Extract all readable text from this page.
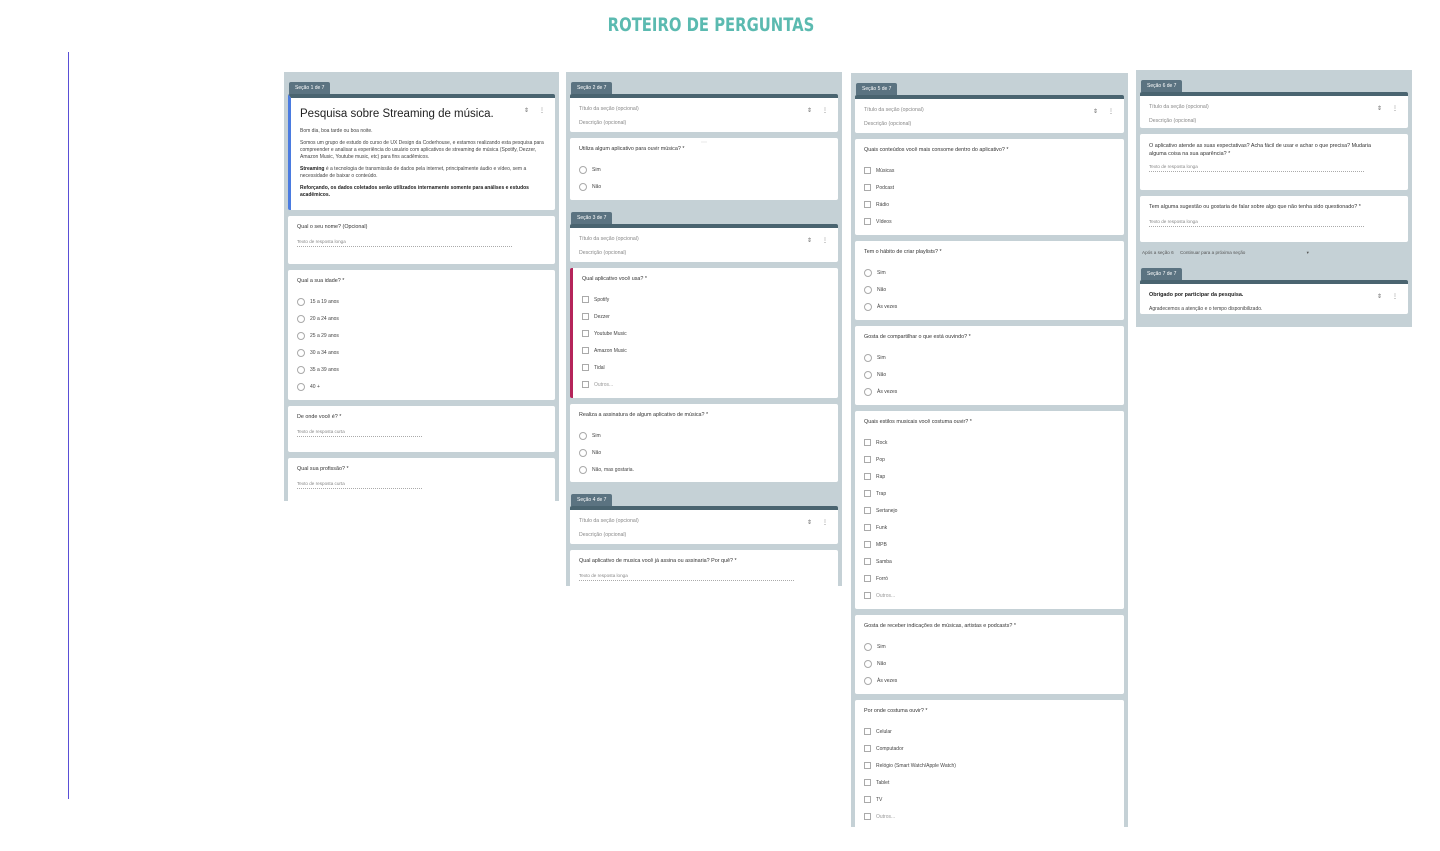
ROTEIRO DE PERGUNTAS
Seção 1 de 7
⇕ ⋮
Pesquisa sobre Streaming de música.
Bom dia, boa tarde ou boa noite.
Somos um grupo de estudo do curso de UX Design da Coderhouse, e estamos realizando esta pesquisa para compreender e analisar a experiência do usuário com aplicativos de streaming de música (Spotify, Dezzer, Amazon Music, Youtube music, etc) para fins acadêmicos.
Streaming é a tecnologia de transmissão de dados pela internet, principalmente áudio e vídeo, sem a necessidade de baixar o conteúdo.
Reforçando, os dados coletados serão utilizados internamente somente para análises e estudos acadêmicos.
Qual o seu nome? (Opcional)
Texto de resposta longa
Qual a sua idade? *
15 a 19 anos
20 a 24 anos
25 a 29 anos
30 a 34 anos
35 a 39 anos
40 +
De onde você é? *
Texto de resposta curta
Qual sua profissão? *
Texto de resposta curta
Seção 2 de 7
⇕ ⋮
Título da seção (opcional)
Descrição (opcional)
⋯
Utiliza algum aplicativo para ouvir música? *
Sim
Não
Seção 3 de 7
⇕ ⋮
Título da seção (opcional)
Descrição (opcional)
Qual aplicativo você usa? *
Spotify
Dezzer
Youtube Music
Amazon Music
Tidal
Outros...
Realiza a assinatura de algum aplicativo de música? *
Sim
Não
Não, mas gostaria.
Seção 4 de 7
⇕ ⋮
Título da seção (opcional)
Descrição (opcional)
Qual aplicativo de musica você já assina ou assinaria? Por quê? *
Texto de resposta longa
Seção 5 de 7
⇕ ⋮
Título da seção (opcional)
Descrição (opcional)
Quais conteúdos você mais consome dentro do aplicativo? *
Músicas
Podcast
Rádio
Vídeos
Tem o hábito de criar playlists? *
Sim
Não
Às vezes
Gosta de compartilhar o que está ouvindo? *
Sim
Não
Às vezes
Quais estilos musicais você costuma ouvir? *
Rock
Pop
Rap
Trap
Sertanejo
Funk
MPB
Samba
Forró
Outros...
Gosta de receber indicações de músicas, artistas e podcasts? *
Sim
Não
Às vezes
Por onde costuma ouvir? *
Celular
Computador
Relógio (Smart Watch/Apple Watch)
Tablet
TV
Outros...
Seção 6 de 7
⇕ ⋮
Título da seção (opcional)
Descrição (opcional)
O aplicativo atende as suas expectativas? Acha fácil de usar e achar o que precisa? Mudaria alguma coisa na sua aparência? *
Texto de resposta longa
Tem alguma sugestão ou gostaria de falar sobre algo que não tenha sido questionado? *
Texto de resposta longa
Após a seção 6 Continuar para a próxima seção	▾
Seção 7 de 7
⇕ ⋮
Obrigado por participar da pesquisa.
Agradecemos a atenção e o tempo disponibilizado.
